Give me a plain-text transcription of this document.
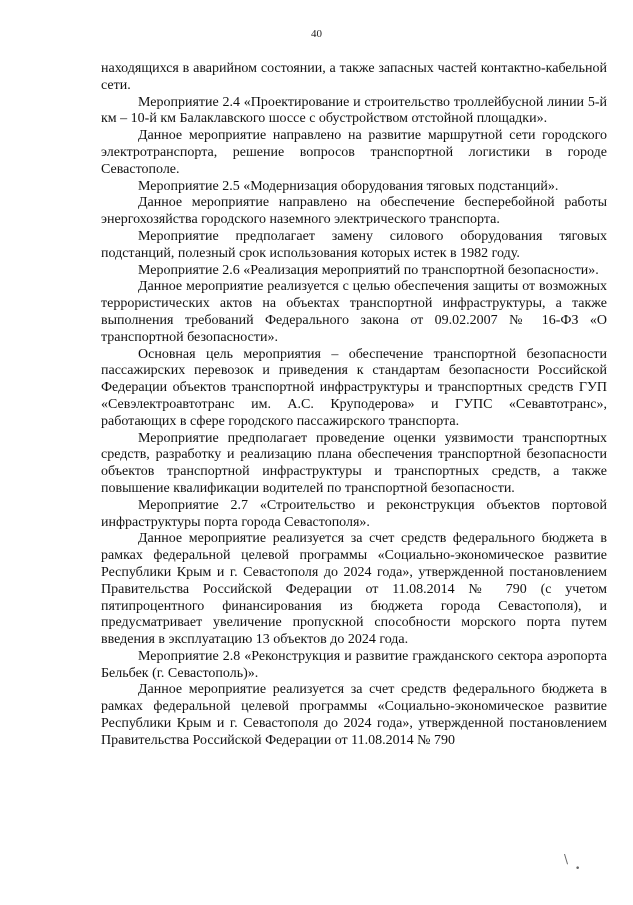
40

находящихся в аварийном состоянии, а также запасных частей контактно-кабельной сети.

Мероприятие 2.4 «Проектирование и строительство троллейбусной линии 5-й км – 10-й км Балаклавского шоссе с обустройством отстойной площадки».

Данное мероприятие направлено на развитие маршрутной сети городского электротранспорта, решение вопросов транспортной логистики в городе Севастополе.

Мероприятие 2.5 «Модернизация оборудования тяговых подстанций».

Данное мероприятие направлено на обеспечение бесперебойной работы энергохозяйства городского наземного электрического транспорта.

Мероприятие предполагает замену силового оборудования тяговых подстанций, полезный срок использования которых истек в 1982 году.

Мероприятие 2.6 «Реализация мероприятий по транспортной безопасности».

Данное мероприятие реализуется с целью обеспечения защиты от возможных террористических актов на объектах транспортной инфраструктуры, а также выполнения требований Федерального закона от 09.02.2007 № 16-ФЗ «О транспортной безопасности».

Основная цель мероприятия – обеспечение транспортной безопасности пассажирских перевозок и приведения к стандартам безопасности Российской Федерации объектов транспортной инфраструктуры и транспортных средств ГУП «Севэлектроавтотранс им. А.С. Круподерова» и ГУПС «Севавтотранс», работающих в сфере городского пассажирского транспорта.

Мероприятие предполагает проведение оценки уязвимости транспортных средств, разработку и реализацию плана обеспечения транспортной безопасности объектов транспортной инфраструктуры и транспортных средств, а также повышение квалификации водителей по транспортной безопасности.

Мероприятие 2.7 «Строительство и реконструкция объектов портовой инфраструктуры порта города Севастополя».

Данное мероприятие реализуется за счет средств федерального бюджета в рамках федеральной целевой программы «Социально-экономическое развитие Республики Крым и г. Севастополя до 2024 года», утвержденной постановлением Правительства Российской Федерации от 11.08.2014 № 790 (с учетом пятипроцентного финансирования из бюджета города Севастополя), и предусматривает увеличение пропускной способности морского порта путем введения в эксплуатацию 13 объектов до 2024 года.

Мероприятие 2.8 «Реконструкция и развитие гражданского сектора аэропорта Бельбек (г. Севастополь)».

Данное мероприятие реализуется за счет средств федерального бюджета в рамках федеральной целевой программы «Социально-экономическое развитие Республики Крым и г. Севастополя до 2024 года», утвержденной постановлением Правительства Российской Федерации от 11.08.2014 № 790

\
•
